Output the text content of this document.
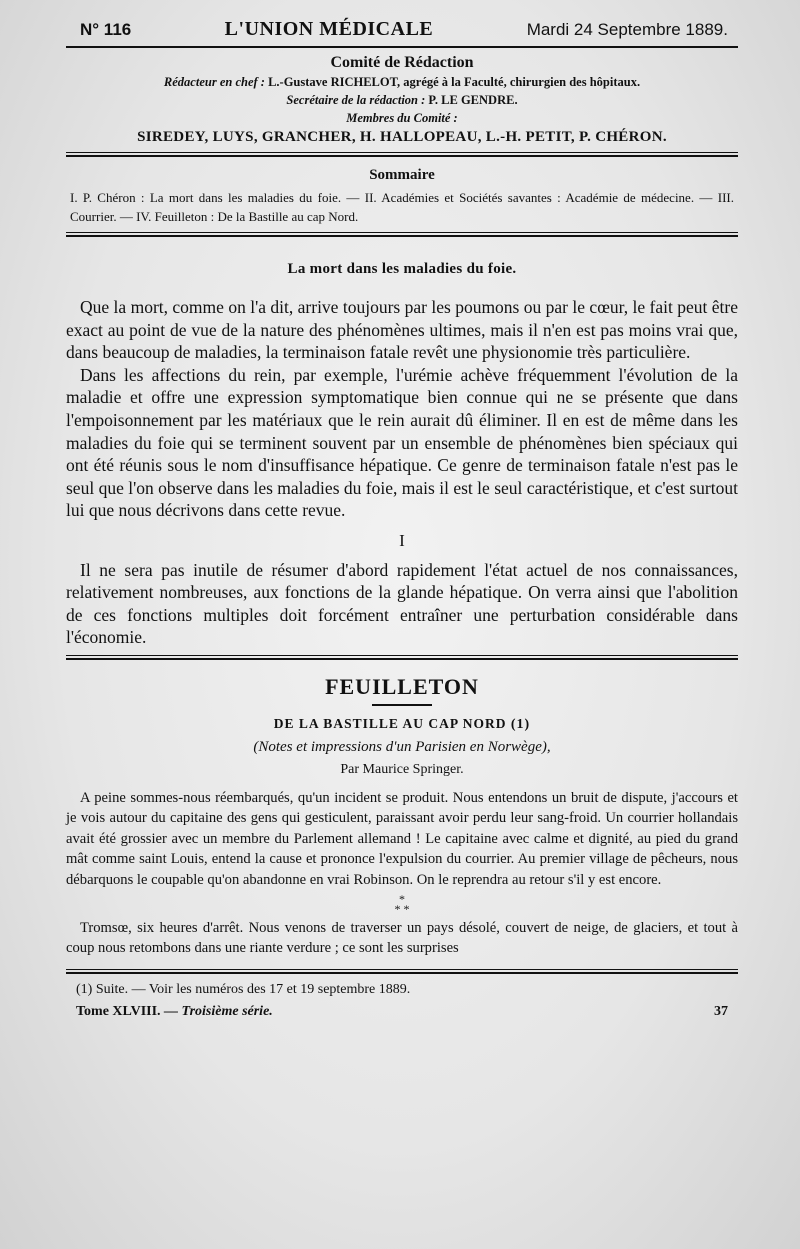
N° 116	L'UNION MÉDICALE	Mardi 24 Septembre 1889.
Comité de Rédaction
Rédacteur en chef : L.-Gustave RICHELOT, agrégé à la Faculté, chirurgien des hôpitaux.
Secrétaire de la rédaction : P. LE GENDRE.
Membres du Comité :
SIREDEY, LUYS, GRANCHER, H. HALLOPEAU, L.-H. PETIT, P. CHÉRON.
Sommaire
I. P. Chéron : La mort dans les maladies du foie. — II. Académies et Sociétés savantes : Académie de médecine. — III. Courrier. — IV. Feuilleton : De la Bastille au cap Nord.
La mort dans les maladies du foie.

Que la mort, comme on l'a dit, arrive toujours par les poumons ou par le cœur, le fait peut être exact au point de vue de la nature des phénomènes ultimes, mais il n'en est pas moins vrai que, dans beaucoup de maladies, la terminaison fatale revêt une physionomie très particulière.

Dans les affections du rein, par exemple, l'urémie achève fréquemment l'évolution de la maladie et offre une expression symptomatique bien connue qui ne se présente que dans l'empoisonnement par les matériaux que le rein aurait dû éliminer. Il en est de même dans les maladies du foie qui se terminent souvent par un ensemble de phénomènes bien spéciaux qui ont été réunis sous le nom d'insuffisance hépatique. Ce genre de terminaison fatale n'est pas le seul que l'on observe dans les maladies du foie, mais il est le seul caractéristique, et c'est surtout lui que nous décrivons dans cette revue.

I

Il ne sera pas inutile de résumer d'abord rapidement l'état actuel de nos connaissances, relativement nombreuses, aux fonctions de la glande hépatique. On verra ainsi que l'abolition de ces fonctions multiples doit forcément entraîner une perturbation considérable dans l'économie.

FEUILLETON
DE LA BASTILLE AU CAP NORD (1)
(Notes et impressions d'un Parisien en Norwège),
Par Maurice Springer.

A peine sommes-nous réembarqués, qu'un incident se produit. Nous entendons un bruit de dispute, j'accours et je vois autour du capitaine des gens qui gesticulent, paraissant avoir perdu leur sang-froid. Un courrier hollandais avait été grossier avec un membre du Parlement allemand ! Le capitaine avec calme et dignité, au pied du grand mât comme saint Louis, entend la cause et prononce l'expulsion du courrier. Au premier village de pêcheurs, nous débarquons le coupable qu'on abandonne en vrai Robinson. On le reprendra au retour s'il y est encore.

*
* *

Tromsœ, six heures d'arrêt. Nous venons de traverser un pays désolé, couvert de neige, de glaciers, et tout à coup nous retombons dans une riante verdure ; ce sont les surprises

(1) Suite. — Voir les numéros des 17 et 19 septembre 1889.
Tome XLVIII. — Troisième série.	37
